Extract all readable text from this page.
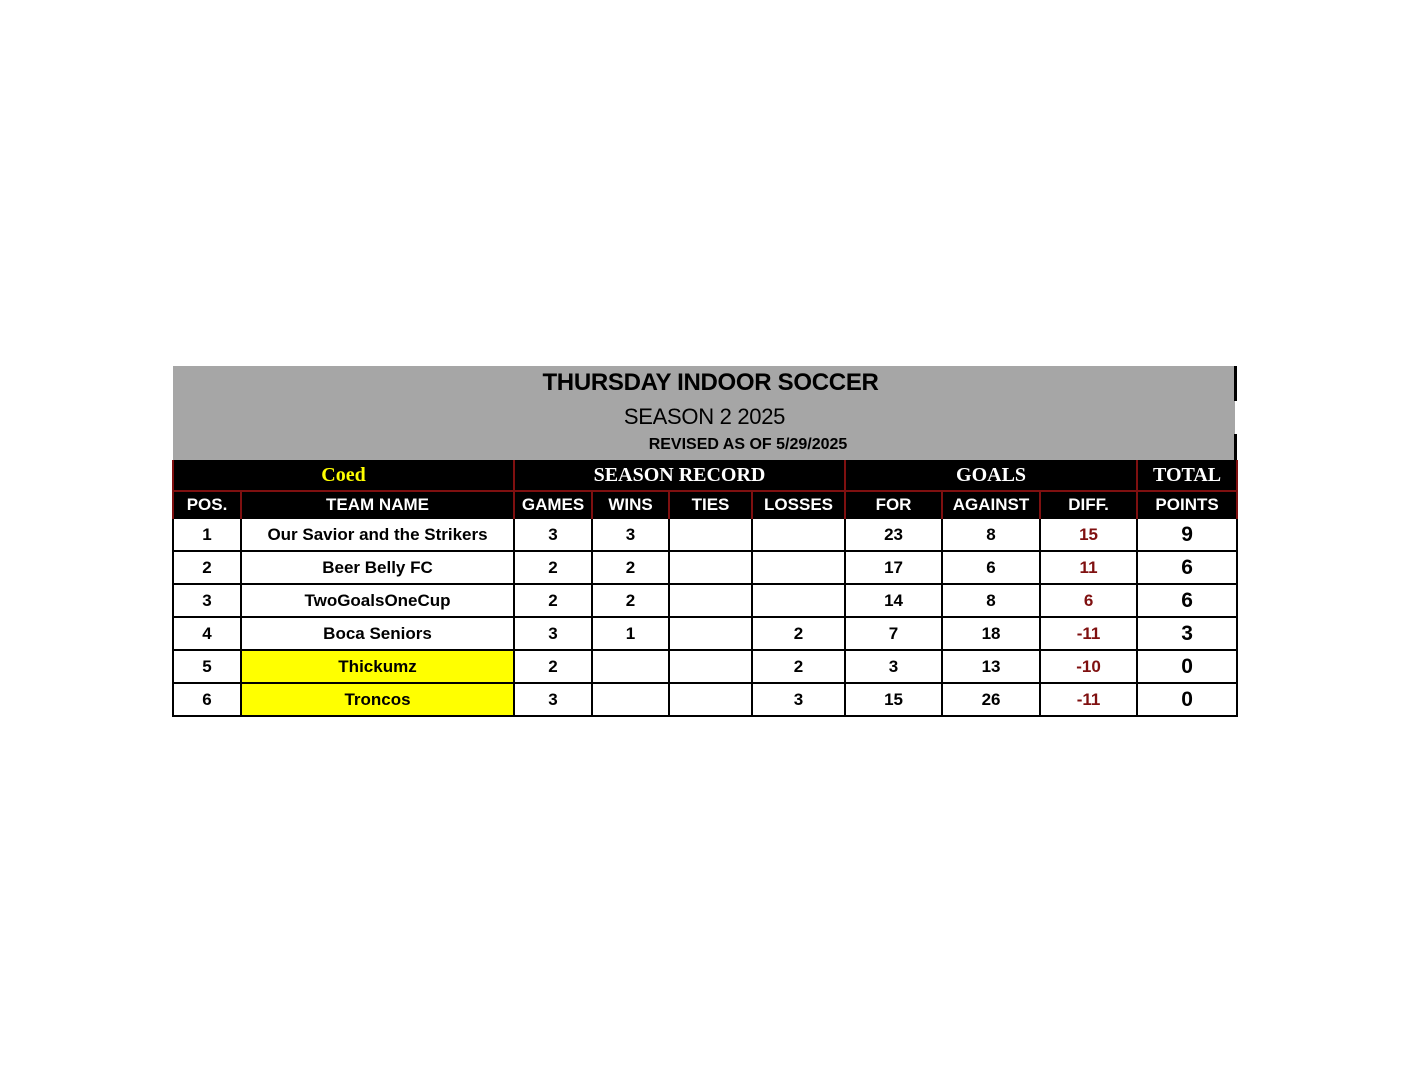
THURSDAY INDOOR SOCCER
SEASON 2 2025
REVISED AS OF 5/29/2025
Coed		SEASON RECORD				GOALS			TOTAL
POS.	TEAM NAME	GAMES	WINS	TIES	LOSSES	FOR	AGAINST	DIFF.	POINTS
1	Our Savior and the Strikers	3	3			23	8	15	9
2	Beer Belly FC	2	2			17	6	11	6
3	TwoGoalsOneCup	2	2			14	8	6	6
4	Boca Seniors	3	1		2	7	18	-11	3
5	Thickumz	2			2	3	13	-10	0
6	Troncos	3			3	15	26	-11	0
